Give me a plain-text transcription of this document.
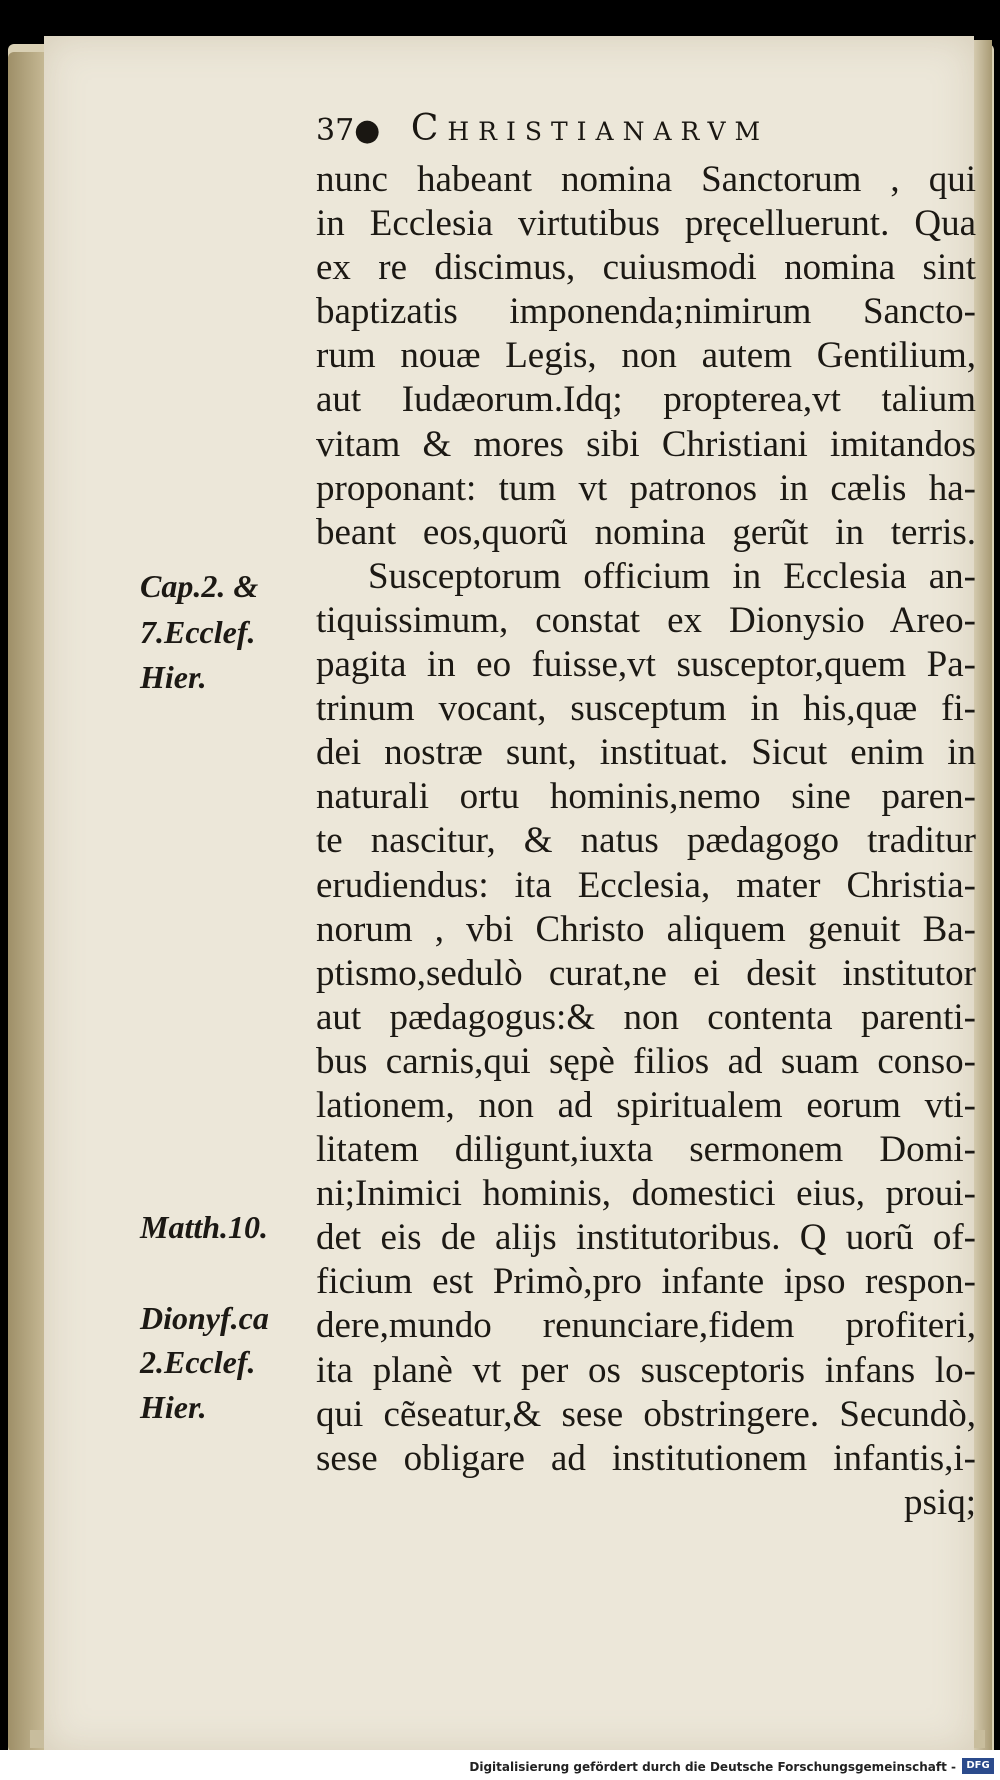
37● Christianarvm
nunc habeant nomina Sanctorum , qui
in Ecclesia virtutibus pręcelluerunt. Qua
ex re discimus, cuiusmodi nomina sint
baptizatis imponenda;nimirum Sancto-
rum nouæ Legis, non autem Gentilium,
aut Iudæorum.Idq; propterea,vt talium
vitam & mores sibi Christiani imitandos
proponant: tum vt patronos in cælis ha-
beant eos,quorũ nomina gerũt in terris.
Susceptorum officium in Ecclesia an-
tiquissimum, constat ex Dionysio Areo-
pagita in eo fuisse,vt susceptor,quem Pa-
trinum vocant, susceptum in his,quæ fi-
dei nostræ sunt, instituat. Sicut enim in
naturali ortu hominis,nemo sine paren-
te nascitur, & natus pædagogo traditur
erudiendus: ita Ecclesia, mater Christia-
norum , vbi Christo aliquem genuit Ba-
ptismo,sedulò curat,ne ei desit institutor
aut pædagogus:& non contenta parenti-
bus carnis,qui sępè filios ad suam conso-
lationem, non ad spiritualem eorum vti-
litatem diligunt,iuxta sermonem Domi-
ni;Inimici hominis, domestici eius, proui-
det eis de alijs institutoribus. Q uorũ of-
ficium est Primò,pro infante ipso respon-
dere,mundo renunciare,fidem profiteri,
ita planè vt per os susceptoris infans lo-
qui cẽseatur,& sese obstringere. Secundò,
sese obligare ad institutionem infantis,i-
psiq;
Cap.2. &
7.Ecclef.
Hier.
Matth.10.
Dionyf.ca
2.Ecclef.
Hier.
Digitalisierung gefördert durch die Deutsche Forschungsgemeinschaft -	DFG
